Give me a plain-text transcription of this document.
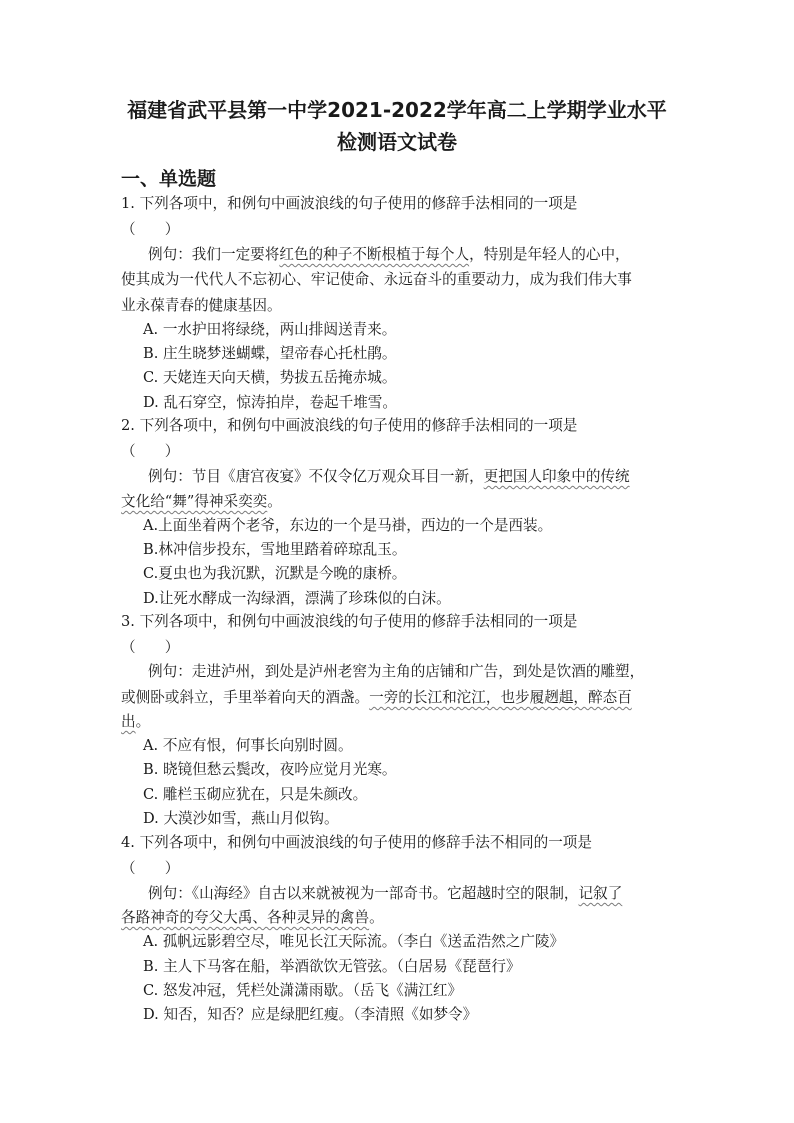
福建省武平县第一中学2021-2022学年高二上学期学业水平
检测语文试卷
一、单选题
1. 下列各项中，和例句中画波浪线的句子使用的修辞手法相同的一项是
（　　）
例句：我们一定要将红色的种子不断根植于每个人，特别是年轻人的心中，
使其成为一代代人不忘初心、牢记使命、永远奋斗的重要动力，成为我们伟大事
业永葆青春的健康基因。
A. 一水护田将绿绕，两山排闼送青来。
B. 庄生晓梦迷蝴蝶，望帝春心托杜鹃。
C. 天姥连天向天横，势拔五岳掩赤城。
D. 乱石穿空，惊涛拍岸，卷起千堆雪。
2. 下列各项中，和例句中画波浪线的句子使用的修辞手法相同的一项是
（　　）
例句：节目《唐宫夜宴》不仅令亿万观众耳目一新，更把国人印象中的传统
文化给“舞”得神采奕奕。
A.上面坐着两个老爷，东边的一个是马褂，西边的一个是西装。
B.林冲信步投东，雪地里踏着碎琼乱玉。
C.夏虫也为我沉默，沉默是今晚的康桥。
D.让死水酵成一沟绿酒，漂满了珍珠似的白沫。
3. 下列各项中，和例句中画波浪线的句子使用的修辞手法相同的一项是
（　　）
例句：走进泸州，到处是泸州老窖为主角的店铺和广告，到处是饮酒的雕塑，
或侧卧或斜立，手里举着向天的酒盏。一旁的长江和沱江，也步履趔趄，醉态百
出。
A. 不应有恨，何事长向别时圆。
B. 晓镜但愁云鬓改，夜吟应觉月光寒。
C. 雕栏玉砌应犹在，只是朱颜改。
D. 大漠沙如雪，燕山月似钩。
4. 下列各项中，和例句中画波浪线的句子使用的修辞手法不相同的一项是
（　　）
例句：《山海经》自古以来就被视为一部奇书。它超越时空的限制，记叙了
各路神奇的夸父大禹、各种灵异的禽兽。
A. 孤帆远影碧空尽，唯见长江天际流。（李白《送孟浩然之广陵》
B. 主人下马客在船，举酒欲饮无管弦。（白居易《琵琶行》
C. 怒发冲冠，凭栏处潇潇雨歇。（岳飞《满江红》
D. 知否，知否？应是绿肥红瘦。（李清照《如梦令》
